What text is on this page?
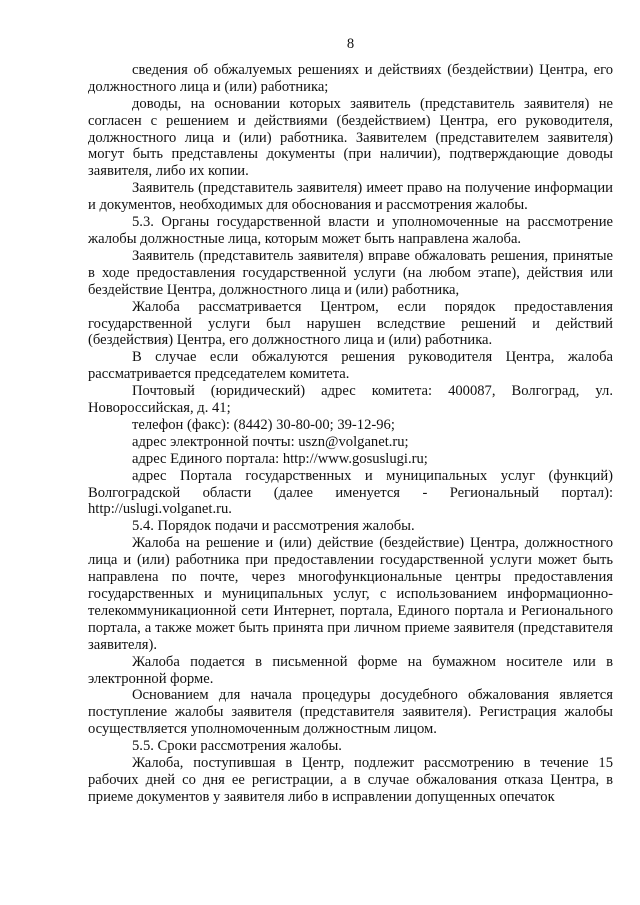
8

сведения об обжалуемых решениях и действиях (бездействии) Центра, его должностного лица и (или) работника;

доводы, на основании которых заявитель (представитель заявителя) не согласен с решением и действиями (бездействием) Центра, его руководителя, должностного лица и (или) работника. Заявителем (представителем заявителя) могут быть представлены документы (при наличии), подтверждающие доводы заявителя, либо их копии.

Заявитель (представитель заявителя) имеет право на получение информации и документов, необходимых для обоснования и рассмотрения жалобы.

5.3. Органы государственной власти и уполномоченные на рассмотрение жалобы должностные лица, которым может быть направлена жалоба.

Заявитель (представитель заявителя) вправе обжаловать решения, принятые в ходе предоставления государственной услуги (на любом этапе), действия или бездействие Центра, должностного лица и (или) работника,

Жалоба рассматривается Центром, если порядок предоставления государственной услуги был нарушен вследствие решений и действий (бездействия) Центра, его должностного лица и (или) работника.

В случае если обжалуются решения руководителя Центра, жалоба рассматривается председателем комитета.

Почтовый (юридический) адрес комитета: 400087, Волгоград, ул. Новороссийская, д. 41;

телефон (факс): (8442) 30-80-00; 39-12-96;

адрес электронной почты: uszn@volganet.ru;

адрес Единого портала: http://www.gosuslugi.ru;

адрес Портала государственных и муниципальных услуг (функций) Волгоградской области (далее именуется - Региональный портал): http://uslugi.volganet.ru.

5.4. Порядок подачи и рассмотрения жалобы.

Жалоба на решение и (или) действие (бездействие) Центра, должностного лица и (или) работника при предоставлении государственной услуги может быть направлена по почте, через многофункциональные центры предоставления государственных и муниципальных услуг, с использованием информационно-телекоммуникационной сети Интернет, портала, Единого портала и Регионального портала, а также может быть принята при личном приеме заявителя (представителя заявителя).

Жалоба подается в письменной форме на бумажном носителе или в электронной форме.

Основанием для начала процедуры досудебного обжалования является поступление жалобы заявителя (представителя заявителя). Регистрация жалобы осуществляется уполномоченным должностным лицом.

5.5. Сроки рассмотрения жалобы.

Жалоба, поступившая в Центр, подлежит рассмотрению в течение 15 рабочих дней со дня ее регистрации, а в случае обжалования отказа Центра, в приеме документов у заявителя либо в исправлении допущенных опечаток
